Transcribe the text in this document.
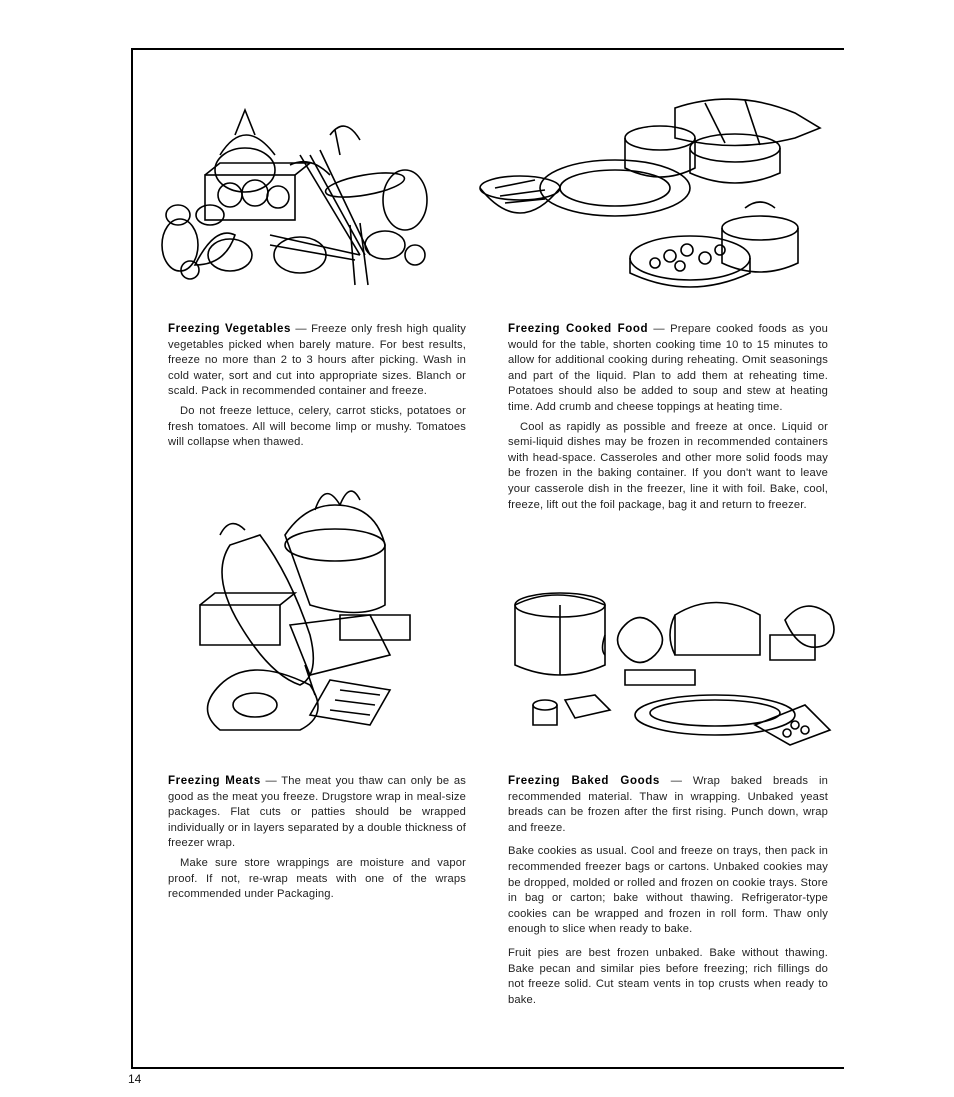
14

Freezing Vegetables — Freeze only fresh high quality vegetables picked when barely mature. For best results, freeze no more than 2 to 3 hours after picking. Wash in cold water, sort and cut into appropriate sizes. Blanch or scald. Pack in recommended container and freeze.

Do not freeze lettuce, celery, carrot sticks, potatoes or fresh tomatoes. All will become limp or mushy. Tomatoes will collapse when thawed.

Freezing Cooked Food — Prepare cooked foods as you would for the table, shorten cooking time 10 to 15 minutes to allow for additional cooking during reheating. Omit seasonings and part of the liquid. Plan to add them at reheating time. Potatoes should also be added to soup and stew at heating time. Add crumb and cheese toppings at heating time.

Cool as rapidly as possible and freeze at once. Liquid or semi-liquid dishes may be frozen in recommended containers with head-space. Casseroles and other more solid foods may be frozen in the baking container. If you don't want to leave your casserole dish in the freezer, line it with foil. Bake, cool, freeze, lift out the foil package, bag it and return to freezer.

Freezing Meats — The meat you thaw can only be as good as the meat you freeze. Drugstore wrap in meal-size packages. Flat cuts or patties should be wrapped individually or in layers separated by a double thickness of freezer wrap.

Make sure store wrappings are moisture and vapor proof. If not, re-wrap meats with one of the wraps recommended under Packaging.

Freezing Baked Goods — Wrap baked breads in recommended material. Thaw in wrapping. Unbaked yeast breads can be frozen after the first rising. Punch down, wrap and freeze.

Bake cookies as usual. Cool and freeze on trays, then pack in recommended freezer bags or cartons. Unbaked cookies may be dropped, molded or rolled and frozen on cookie trays. Store in bag or carton; bake without thawing. Refrigerator-type cookies can be wrapped and frozen in roll form. Thaw only enough to slice when ready to bake.

Fruit pies are best frozen unbaked. Bake without thawing. Bake pecan and similar pies before freezing; rich fillings do not freeze solid. Cut steam vents in top crusts when ready to bake.
